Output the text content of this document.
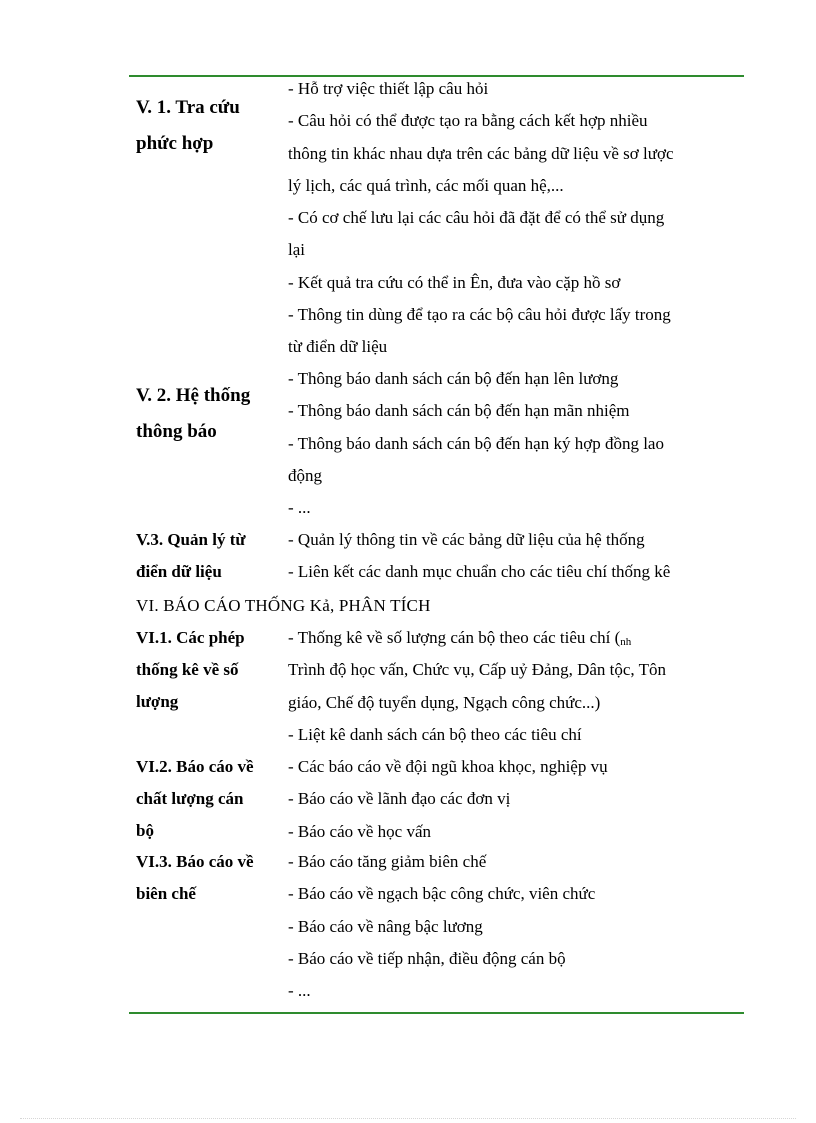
V. 1. Tra cứu
phức hợp
- Hỗ trợ việc thiết lập câu hỏi
- Câu hỏi có thể được tạo ra bằng cách kết hợp nhiều
thông tin khác nhau dựa trên các bảng dữ liệu về sơ lược
lý lịch, các quá trình, các mối quan hệ,...
- Có cơ chế lưu lại các câu hỏi đã đặt để có thể sử dụng
lại
- Kết quả tra cứu có thể in Ên, đưa vào cặp hồ sơ
- Thông tin dùng để tạo ra các bộ câu hỏi được lấy trong
từ điển dữ liệu
V. 2. Hệ thống
thông báo
- Thông báo danh sách cán bộ đến hạn lên lương
- Thông báo danh sách cán bộ đến hạn mãn nhiệm
- Thông báo danh sách cán bộ đến hạn ký hợp đồng lao
động
- ...
V.3. Quản lý từ
điển dữ liệu
- Quản lý thông tin về các bảng dữ liệu của hệ thống
- Liên kết các danh mục chuẩn cho các tiêu chí thống kê
VI. BÁO CÁO THỐNG Kả, PHÂN TÍCH
VI.1. Các phép
thống kê về số
lượng
- Thống kê về số lượng cán bộ theo các tiêu chí (nh
Trình độ học vấn, Chức vụ, Cấp uỷ Đảng, Dân tộc, Tôn
giáo, Chế độ tuyển dụng, Ngạch công chức...)
- Liệt kê danh sách cán bộ theo các tiêu chí
VI.2. Báo cáo về
chất lượng cán
bộ
- Các báo cáo về đội ngũ khoa khọc, nghiệp vụ
- Báo cáo về lãnh đạo các đơn vị
- Báo cáo về học vấn
VI.3. Báo cáo về
biên chế
- Báo cáo tăng giảm biên chế
- Báo cáo về ngạch bậc công chức, viên chức
- Báo cáo về nâng bậc lương
- Báo cáo về tiếp nhận, điều động cán bộ
- ...
